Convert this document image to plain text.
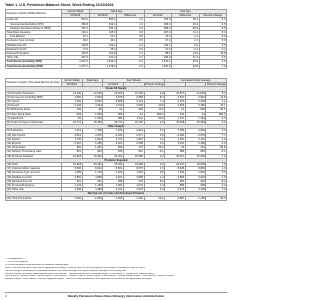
Table 1. U.S. Petroleum Balance Sheet, Week Ending 11/10/2023
Petroleum Stocks (Million Barrels)	Current Week	Week Ago		Year Ago		
	11/10/23	11/03/23	Difference	11/11/22	Difference	Percent Change
Crude Oil	802.0	800.4	1.6	783.6	18.4	2.3
Commercial (Excluding SPR)	450.8	449.2	1.6	435.4	15.4	3.5
Strategic Petroleum Reserve (SPR)	351.3	351.3	0.0	388.2	-36.9	-9.5
Total Motor Gasoline	219.1	218.3	0.8	207.9	11.2	5.4
Fuel Ethanol	21.1	21.1	0.0	22.4	-1.3	-5.8
Kerosene-Type Jet Fuel	39.6	40.1	-0.5	37.4	2.2	5.9
Distillate Fuel Oil	106.8	106.2	0.6	106.2	0.6	0.6
Residual Fuel Oil	27.5	28.4	-0.9	27.6	-0.1	-0.4
Propane/Propylene	103.5	102.8	0.7	88.6	14.9	16.8
Other Oils	307.3	312.0	-4.7	296.0	11.3	3.8
Total Stocks (Including SPR)	1,627.0	1,629.3	-2.3	1,570.1	56.9	3.6
Total Stocks (Excluding SPR)	1,275.7	1,278.0	-2.3	1,181.9	93.8	7.9
Petroleum Supply (Thousand Barrels per Day)	Current Week	Week Ago	Four Weeks			Cumulative Daily Average		
	11/10/23		11/10/23		Percent Change			Percent Change
Crude Oil Supply								
(1) Domestic Production	13,200	13,200	13,200	12,700	3.9	12,877	11,878	8.4
(2) Net Imports (Including SPR)	2,960	2,533	2,575	2,805	-8.2	2,507	2,944	-14.8
(3) Imports	7,094	6,697	6,588	6,133	7.4	6,370	6,300	1.1
(4) Exports	4,134	4,164	4,013	3,328	20.6	3,863	3,356	15.1
(5) SPR Stock Draw	-109	-96	-91	-345	-73.6	-21	-609	-96.6
(6) Other Stock Draw	-229	-1,803	-459	-51	800.0	-102	-13	684.6
(7) Adjustment	-56	1,622	496	1,011	-50.9	1,167	1,164	0.3
(8) Crude Oil Input to Refineries	15,776	15,456	15,721	16,120	-2.5	16,428	16,364	0.4
Other Supply								
(9) Production	7,313	7,168	7,226	6,934	4.2	7,092	6,664	6.4
(10) Net Imports	-4,512	-4,372	-4,424	-4,271	3.6	-4,394	-4,079	7.7
(11) Imports	1,745	1,814	1,797	1,827	-1.6	2,067	2,107	-1.9
(12) Exports	6,257	6,186	6,221	6,098	2.0	6,461	6,186	4.4
(13) Stock Draw	520	1,287	693	374	85.3	-29	-191	-84.8
(14) Refinery Processing Gain	821	822	815	841	-3.1	880	881	-0.1
(15) Products Supplied	19,918	20,361	20,031	19,998	0.2	20,017	19,639	1.9
Products Supplied								
(16) Total	19,918	20,361	20,031	19,998	0.2	20,017	19,639	1.9
(17) Finished Motor Gasoline	8,596	8,622	8,661	8,575	1.0	8,926	8,800	1.4
(18) Kerosene-Type Jet Fuel	1,489	1,713	1,626	1,522	6.8	1,633	1,546	5.6
(19) Distillate Fuel Oil	3,860	4,080	3,921	3,968	-1.2	3,863	3,923	-1.5
(20) Residual Fuel Oil	301	261	298	276	8.0	284	310	-8.4
(21) Propane/Propylene	1,124	1,190	1,094	1,079	1.4	896	935	-4.2
(22) Other Oils	4,548	4,495	4,431	4,578	-3.2	4,415	4,125	7.0
Net Imports of Crude and Petroleum Products								
(23) Total Net Imports	-1,552	-1,839	-1,849	-1,466	26.1	-1,887	-1,135	66.3
- = Not Applicable.
— = No Data Reported.
W = Data withheld to avoid disclosure of individual company data.
Notes: Data may not add to totals due to independent rounding. Crude oil stocks in transit by pipeline are included in commercial crude oil stocks.
Percent change is calculated on unrounded numbers. Four-week averages are simple arithmetic averages of the weekly data.
Sources: Energy Information Administration (EIA) Form EIA-800, "Weekly Refinery and Fractionator Report"; Form EIA-801, "Weekly Bulk Terminal Report";
Form EIA-802, "Weekly Product Pipeline Report"; Form EIA-803, "Weekly Crude Oil Stocks Report"; Form EIA-804, "Weekly Imports Report"; Form EIA-805, "Weekly Terminal
Blenders Report"; Form EIA-809, "Weekly Oxygenate Report"; Domestic crude oil production and export data are estimated. See Appendix B for details.
2	Weekly Petroleum Status Report/Energy Information Administration
